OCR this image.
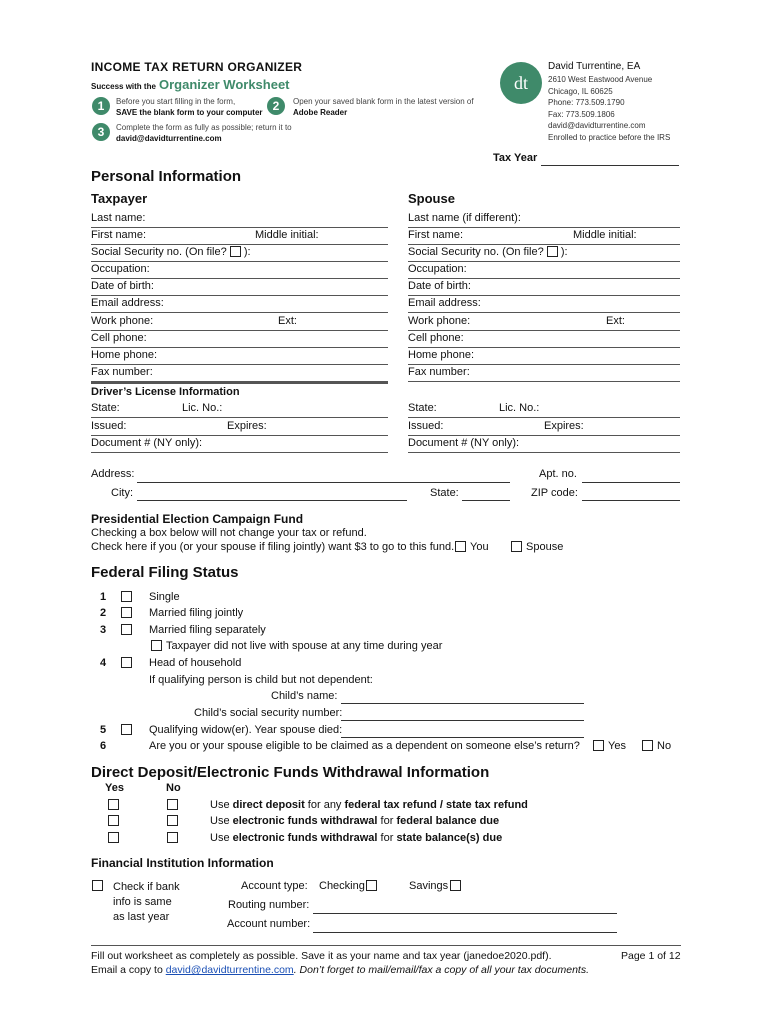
INCOME TAX RETURN ORGANIZER
Success with the Organizer Worksheet
1	Before you start filling in the form,
SAVE the blank form to your computer 2	Open your saved blank form in the latest version of
Adobe Reader
3	Complete the form as fully as possible; return it to
david@davidturrentine.com
dt
David Turrentine, EA
2610 West Eastwood Avenue
Chicago, IL 60625
Phone: 773.509.1790
Fax: 773.509.1806
david@davidturrentine.com
Enrolled to practice before the IRS
Tax Year
Personal Information
Taxpayer	Spouse
Last name:
First name:	Middle initial:
Social Security no. (On file? ):
Occupation:
Date of birth:
Email address:
Work phone:	Ext:
Cell phone:
Home phone:
Fax number:
Last name (if different):
First name:	Middle initial:
Social Security no. (On file? ):
Occupation:
Date of birth:
Email address:
Work phone:	Ext:
Cell phone:
Home phone:
Fax number:
Driver’s License Information
State:	Lic. No.:
Issued:	Expires:
Document # (NY only):
State:	Lic. No.:
Issued:	Expires:
Document # (NY only):
Address:	Apt. no.
City:	State:	ZIP code:
Presidential Election Campaign Fund
Checking a box below will not change your tax or refund.
Check here if you (or your spouse if filing jointly) want $3 to go to this fund. You	Spouse
Federal Filing Status
1	Single
2	Married filing jointly
3	Married filing separately
Taxpayer did not live with spouse at any time during year
4	Head of household
If qualifying person is child but not dependent:
Child’s name:
Child’s social security number:
5	Qualifying widow(er). Year spouse died:
6	Are you or your spouse eligible to be claimed as a dependent on someone else’s return?	Yes	No
Direct Deposit/Electronic Funds Withdrawal Information
Yes	No
Use direct deposit for any federal tax refund / state tax refund
Use electronic funds withdrawal for federal balance due
Use electronic funds withdrawal for state balance(s) due
Financial Institution Information
Check if bank
info is same
as last year
Account type: Checking	Savings
Routing number:
Account number:
Fill out worksheet as completely as possible. Save it as your name and tax year (janedoe2020.pdf).
Email a copy to david@davidturrentine.com. Don’t forget to mail/email/fax a copy of all your tax documents.
Page 1 of 12
